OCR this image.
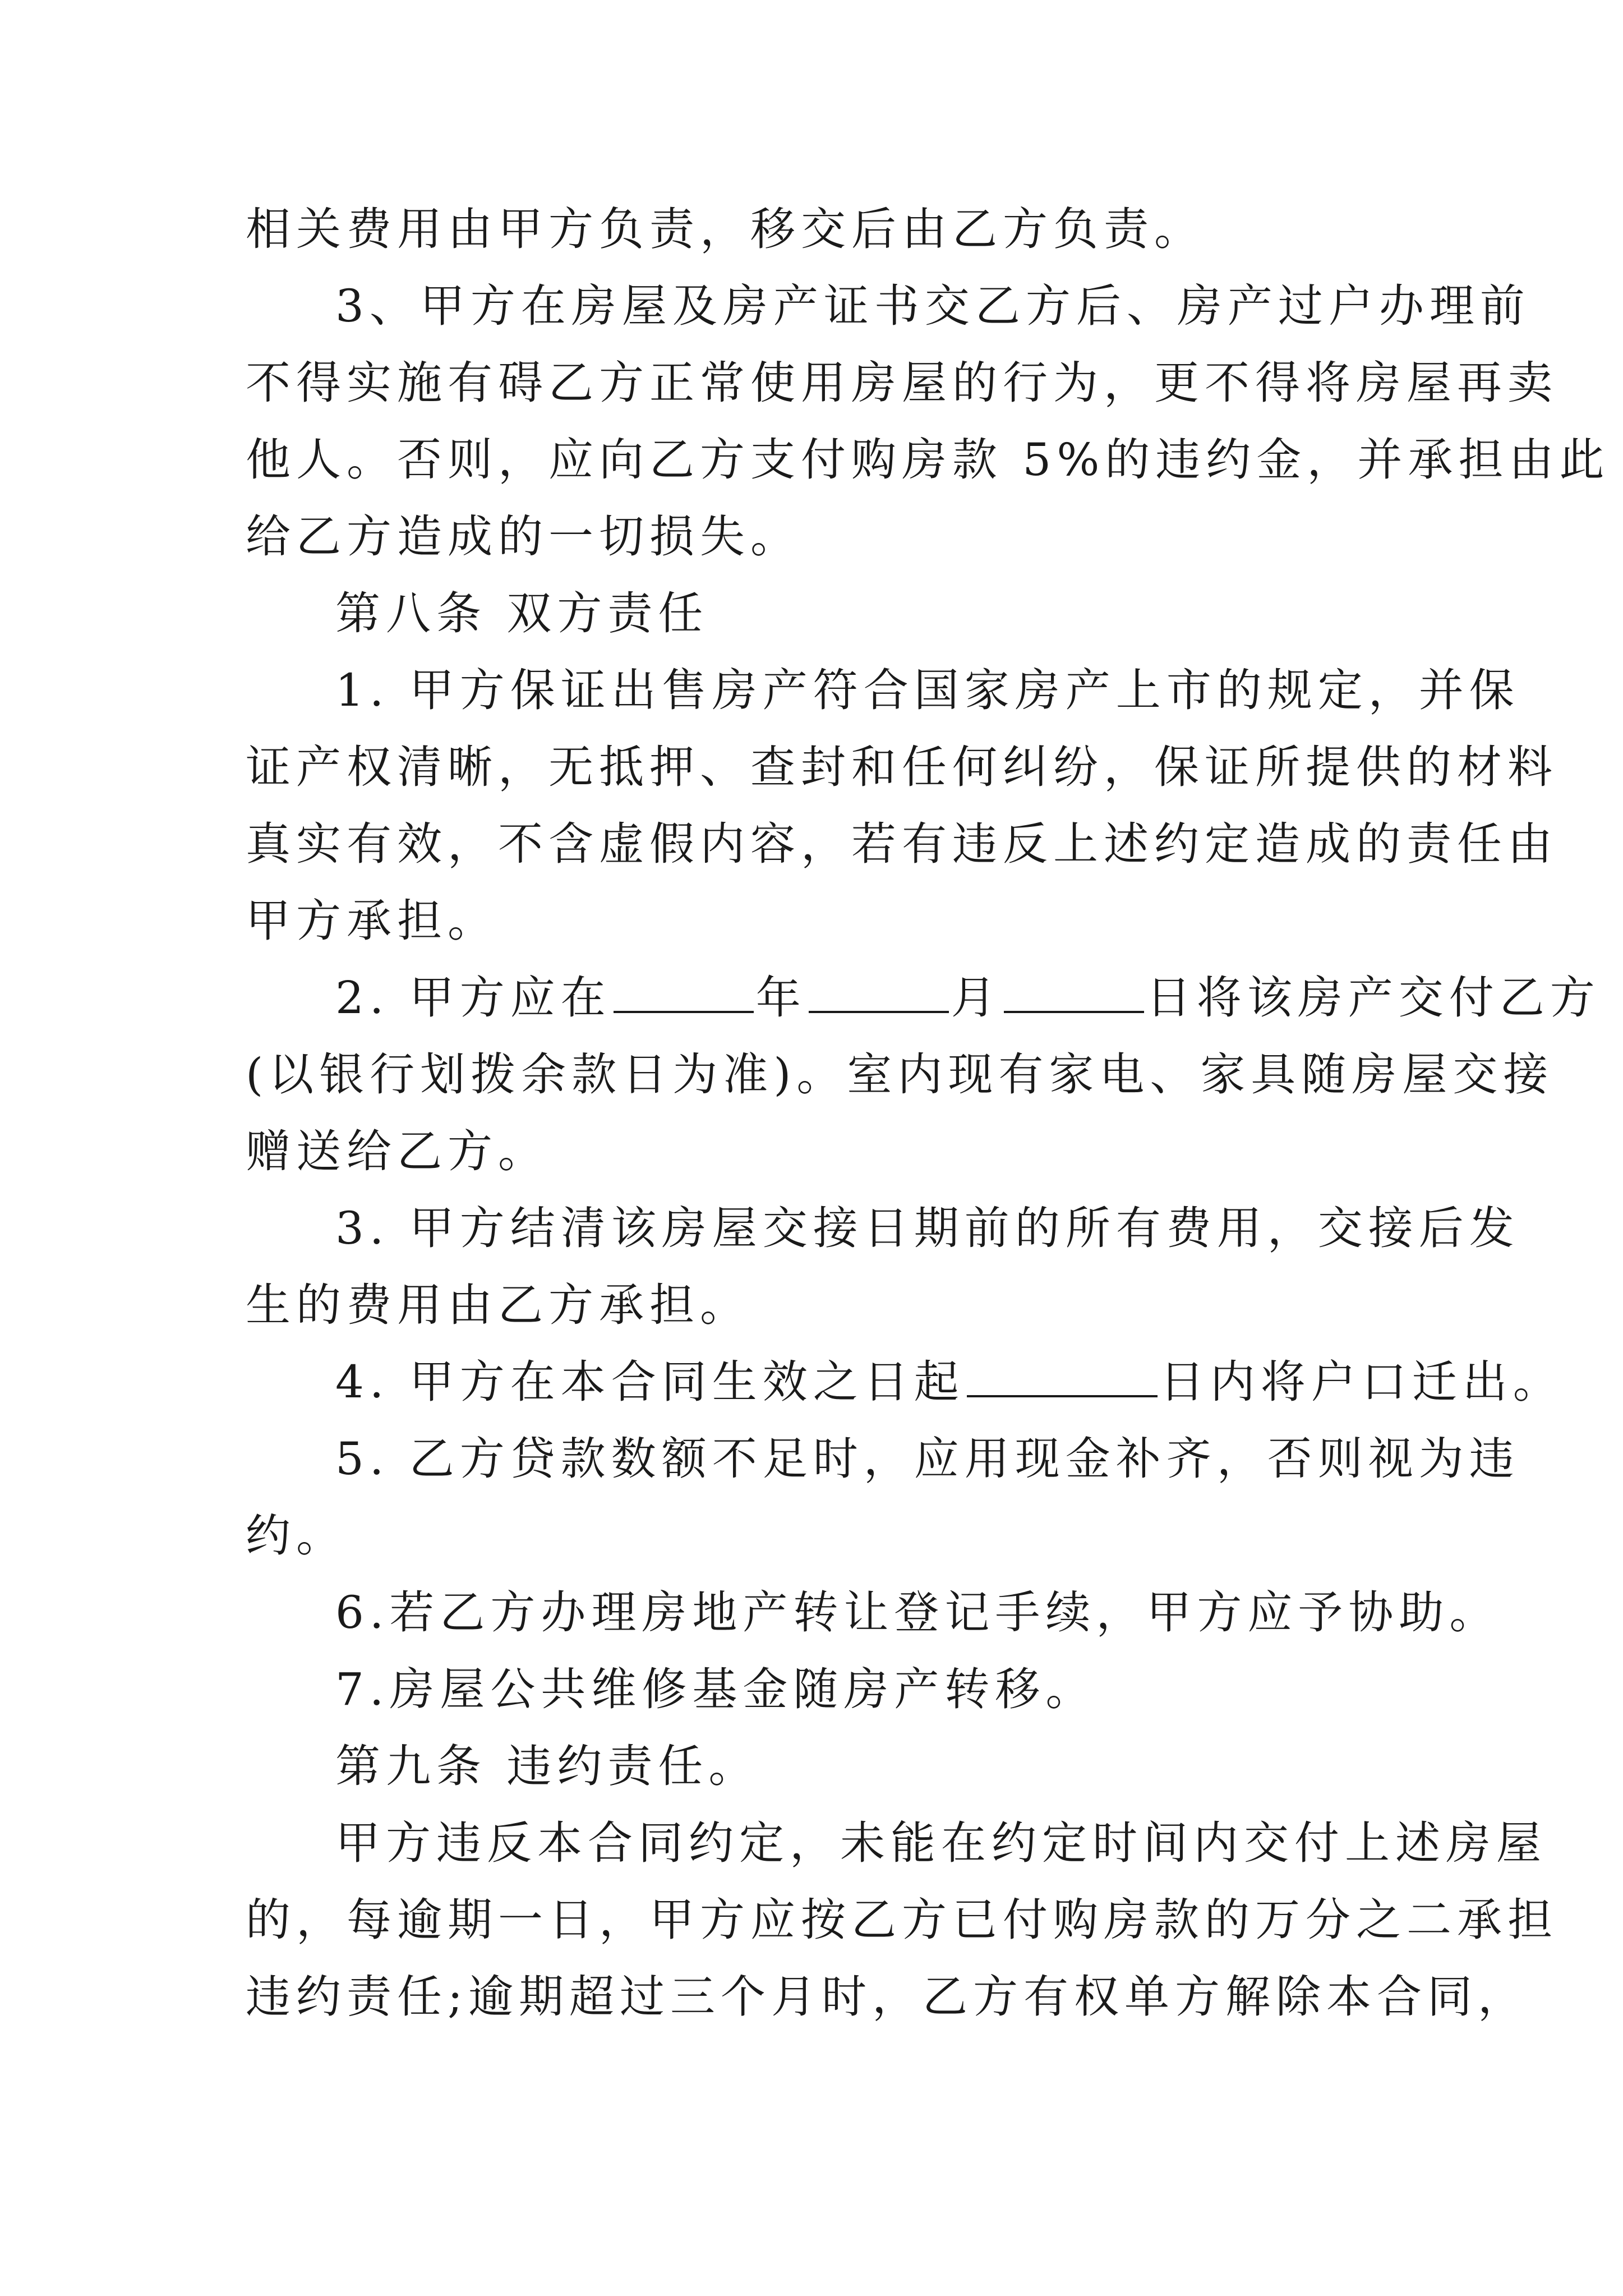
相关费用由甲方负责，移交后由乙方负责。
3、甲方在房屋及房产证书交乙方后、房产过户办理前
不得实施有碍乙方正常使用房屋的行为，更不得将房屋再卖
他人。否则，应向乙方支付购房款 5%的违约金，并承担由此
给乙方造成的一切损失。
第八条 双方责任
1. 甲方保证出售房产符合国家房产上市的规定，并保
证产权清晰，无抵押、查封和任何纠纷，保证所提供的材料
真实有效，不含虚假内容，若有违反上述约定造成的责任由
甲方承担。
2. 甲方应在	年	月	日将该房产交付乙方
(以银行划拨余款日为准)。室内现有家电、家具随房屋交接
赠送给乙方。
3. 甲方结清该房屋交接日期前的所有费用，交接后发
生的费用由乙方承担。
4. 甲方在本合同生效之日起	日内将户口迁出。
5. 乙方贷款数额不足时，应用现金补齐，否则视为违
约。
6.若乙方办理房地产转让登记手续，甲方应予协助。
7.房屋公共维修基金随房产转移。
第九条 违约责任。
甲方违反本合同约定，未能在约定时间内交付上述房屋
的，每逾期一日，甲方应按乙方已付购房款的万分之二承担
违约责任;逾期超过三个月时，乙方有权单方解除本合同，
